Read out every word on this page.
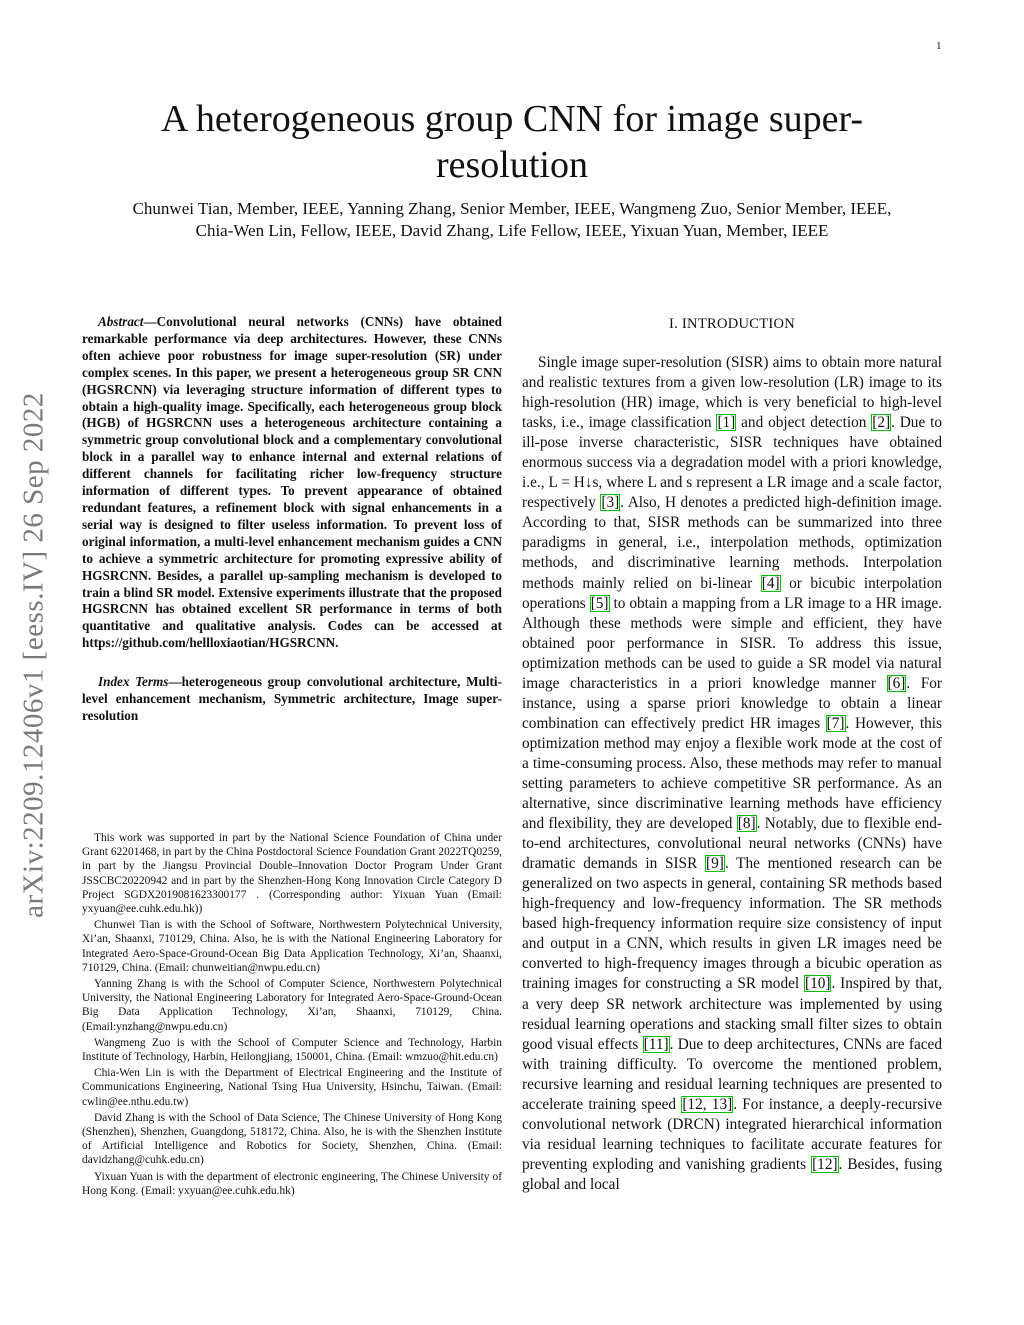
1
arXiv:2209.12406v1 [eess.IV] 26 Sep 2022
A heterogeneous group CNN for image super-resolution
Chunwei Tian, Member, IEEE, Yanning Zhang, Senior Member, IEEE, Wangmeng Zuo, Senior Member, IEEE,
Chia-Wen Lin, Fellow, IEEE, David Zhang, Life Fellow, IEEE, Yixuan Yuan, Member, IEEE

Abstract—Convolutional neural networks (CNNs) have obtained remarkable performance via deep architectures. However, these CNNs often achieve poor robustness for image super-resolution (SR) under complex scenes. In this paper, we present a heterogeneous group SR CNN (HGSRCNN) via leveraging structure information of different types to obtain a high-quality image. Specifically, each heterogeneous group block (HGB) of HGSRCNN uses a heterogeneous architecture containing a symmetric group convolutional block and a complementary convolutional block in a parallel way to enhance internal and external relations of different channels for facilitating richer low-frequency structure information of different types. To prevent appearance of obtained redundant features, a refinement block with signal enhancements in a serial way is designed to filter useless information. To prevent loss of original information, a multi-level enhancement mechanism guides a CNN to achieve a symmetric architecture for promoting expressive ability of HGSRCNN. Besides, a parallel up-sampling mechanism is developed to train a blind SR model. Extensive experiments illustrate that the proposed HGSRCNN has obtained excellent SR performance in terms of both quantitative and qualitative analysis. Codes can be accessed at https://github.com/hellloxiaotian/HGSRCNN.

Index Terms—heterogeneous group convolutional architecture, Multi-level enhancement mechanism, Symmetric architecture, Image super-resolution

This work was supported in part by the National Science Foundation of China under Grant 62201468, in part by the China Postdoctoral Science Foundation Grant 2022TQ0259, in part by the Jiangsu Provincial Double–Innovation Doctor Program Under Grant JSSCBC20220942 and in part by the Shenzhen-Hong Kong Innovation Circle Category D Project SGDX2019081623300177 . (Corresponding author: Yixuan Yuan (Email: yxyuan@ee.cuhk.edu.hk))

Chunwei Tian is with the School of Software, Northwestern Polytechnical University, Xi’an, Shaanxi, 710129, China. Also, he is with the National Engineering Laboratory for Integrated Aero-Space-Ground-Ocean Big Data Application Technology, Xi’an, Shaanxi, 710129, China. (Email: chunweitian@nwpu.edu.cn)

Yanning Zhang is with the School of Computer Science, Northwestern Polytechnical University, the National Engineering Laboratory for Integrated Aero-Space-Ground-Ocean Big Data Application Technology, Xi’an, Shaanxi, 710129, China. (Email:ynzhang@nwpu.edu.cn)

Wangmeng Zuo is with the School of Computer Science and Technology, Harbin Institute of Technology, Harbin, Heilongjiang, 150001, China. (Email: wmzuo@hit.edu.cn)

Chia-Wen Lin is with the Department of Electrical Engineering and the Institute of Communications Engineering, National Tsing Hua University, Hsinchu, Taiwan. (Email: cwlin@ee.nthu.edu.tw)

David Zhang is with the School of Data Science, The Chinese University of Hong Kong (Shenzhen), Shenzhen, Guangdong, 518172, China. Also, he is with the Shenzhen Institute of Artificial Intelligence and Robotics for Society, Shenzhen, China. (Email: davidzhang@cuhk.edu.cn)

Yixuan Yuan is with the department of electronic engineering, The Chinese University of Hong Kong. (Email: yxyuan@ee.cuhk.edu.hk)

I. INTRODUCTION

Single image super-resolution (SISR) aims to obtain more natural and realistic textures from a given low-resolution (LR) image to its high-resolution (HR) image, which is very beneficial to high-level tasks, i.e., image classification [1] and object detection [2]. Due to ill-pose inverse characteristic, SISR techniques have obtained enormous success via a degradation model with a priori knowledge, i.e., L = H↓s, where L and s represent a LR image and a scale factor, respectively [3]. Also, H denotes a predicted high-definition image. According to that, SISR methods can be summarized into three paradigms in general, i.e., interpolation methods, optimization methods, and discriminative learning methods. Interpolation methods mainly relied on bi-linear [4] or bicubic interpolation operations [5] to obtain a mapping from a LR image to a HR image. Although these methods were simple and efficient, they have obtained poor performance in SISR. To address this issue, optimization methods can be used to guide a SR model via natural image characteristics in a priori knowledge manner [6]. For instance, using a sparse priori knowledge to obtain a linear combination can effectively predict HR images [7]. However, this optimization method may enjoy a flexible work mode at the cost of a time-consuming process. Also, these methods may refer to manual setting parameters to achieve competitive SR performance. As an alternative, since discriminative learning methods have efficiency and flexibility, they are developed [8]. Notably, due to flexible end-to-end architectures, convolutional neural networks (CNNs) have dramatic demands in SISR [9]. The mentioned research can be generalized on two aspects in general, containing SR methods based high-frequency and low-frequency information. The SR methods based high-frequency information require size consistency of input and output in a CNN, which results in given LR images need be converted to high-frequency images through a bicubic operation as training images for constructing a SR model [10]. Inspired by that, a very deep SR network architecture was implemented by using residual learning operations and stacking small filter sizes to obtain good visual effects [11]. Due to deep architectures, CNNs are faced with training difficulty. To overcome the mentioned problem, recursive learning and residual learning techniques are presented to accelerate training speed [12, 13]. For instance, a deeply-recursive convolutional network (DRCN) integrated hierarchical information via residual learning techniques to facilitate accurate features for preventing exploding and vanishing gradients [12]. Besides, fusing global and local
